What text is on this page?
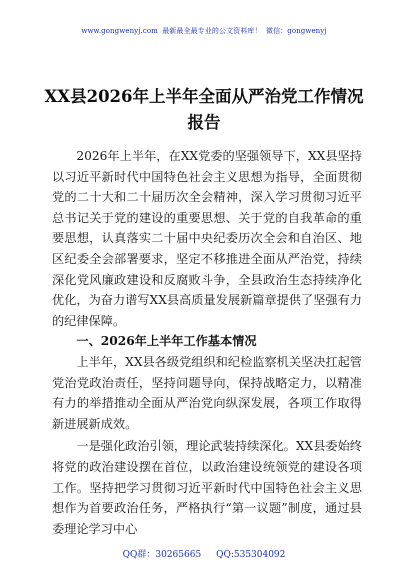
www.gongwenyj.com 最新最全最专业的公文资料库！ 微信：gongwenyj
XX县2026年上半年全面从严治党工作情况报告

2026年上半年，在XX党委的坚强领导下，XX县坚持以习近平新时代中国特色社会主义思想为指导，全面贯彻党的二十大和二十届历次全会精神，深入学习贯彻习近平总书记关于党的建设的重要思想、关于党的自我革命的重要思想，认真落实二十届中央纪委历次全会和自治区、地区纪委全会部署要求，坚定不移推进全面从严治党，持续深化党风廉政建设和反腐败斗争，全县政治生态持续净化优化，为奋力谱写XX县高质量发展新篇章提供了坚强有力的纪律保障。

一、2026年上半年工作基本情况

上半年，XX县各级党组织和纪检监察机关坚决扛起管党治党政治责任，坚持问题导向，保持战略定力，以精准有力的举措推动全面从严治党向纵深发展，各项工作取得新进展新成效。

一是强化政治引领，理论武装持续深化。XX县委始终将党的政治建设摆在首位，以政治建设统领党的建设各项工作。坚持把学习贯彻习近平新时代中国特色社会主义思想作为首要政治任务，严格执行“第一议题”制度，通过县委理论学习中心

QQ群：30265665 QQ:535304092
